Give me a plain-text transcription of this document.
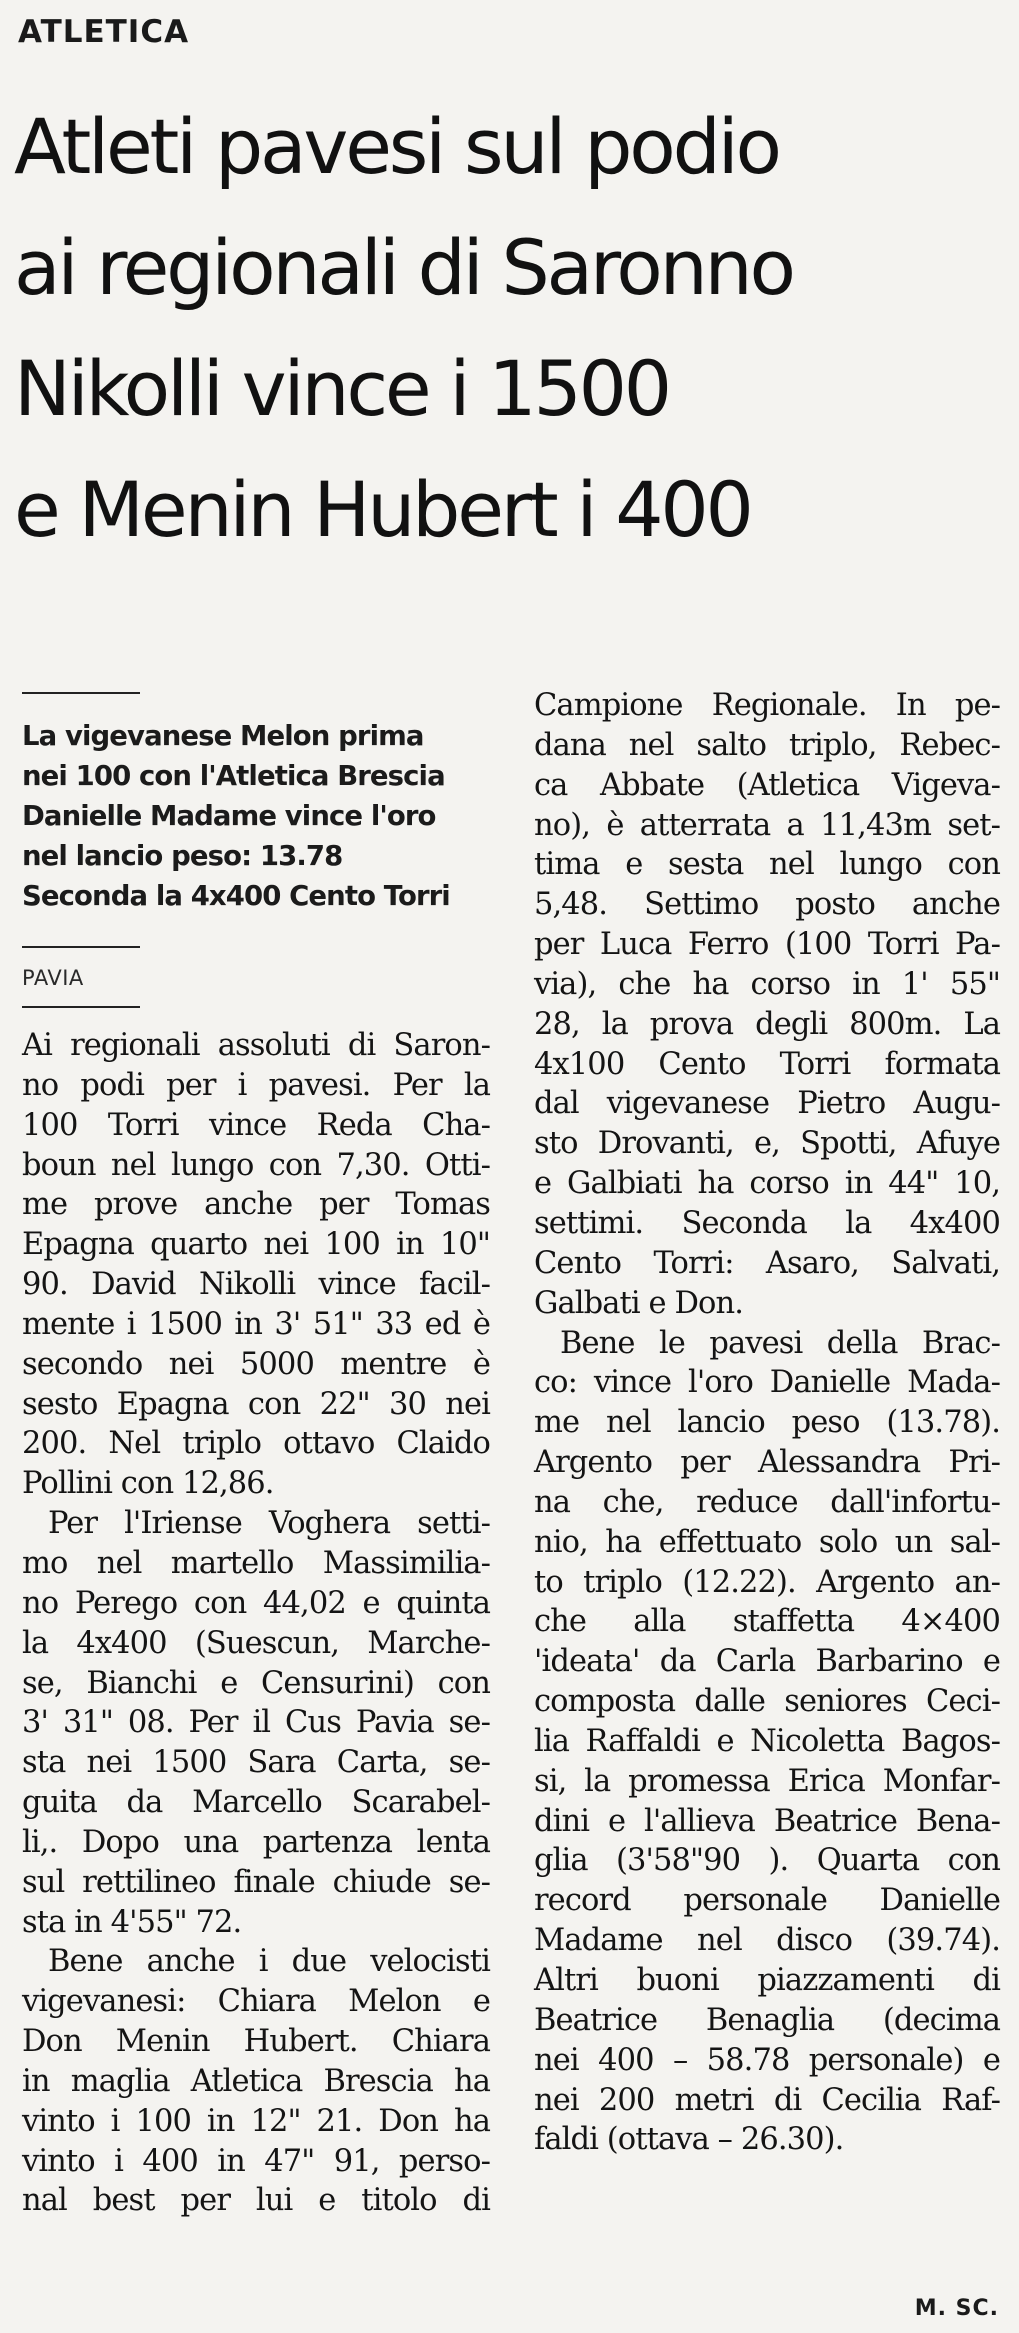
ATLETICA
Atleti pavesi sul podio
ai regionali di Saronno
Nikolli vince i 1500
e Menin Hubert i 400
La vigevanese Melon prima
nei 100 con l'Atletica Brescia
Danielle Madame vince l'oro
nel lancio peso: 13.78
Seconda la 4x400 Cento Torri
PAVIA
Ai regionali assoluti di Saron-
no podi per i pavesi. Per la
100 Torri vince Reda Cha-
boun nel lungo con 7,30. Otti-
me prove anche per Tomas
Epagna quarto nei 100 in 10"
90. David Nikolli vince facil-
mente i 1500 in 3' 51" 33 ed è
secondo nei 5000 mentre è
sesto Epagna con 22" 30 nei
200. Nel triplo ottavo Claido
Pollini con 12,86.
Per l'Iriense Voghera setti-
mo nel martello Massimilia-
no Perego con 44,02 e quinta
la 4x400 (Suescun, Marche-
se, Bianchi e Censurini) con
3' 31" 08. Per il Cus Pavia se-
sta nei 1500 Sara Carta, se-
guita da Marcello Scarabel-
li,. Dopo una partenza lenta
sul rettilineo finale chiude se-
sta in 4'55" 72.
Bene anche i due velocisti
vigevanesi: Chiara Melon e
Don Menin Hubert. Chiara
in maglia Atletica Brescia ha
vinto i 100 in 12" 21. Don ha
vinto i 400 in 47" 91, perso-
nal best per lui e titolo di
Campione Regionale. In pe-
dana nel salto triplo, Rebec-
ca Abbate (Atletica Vigeva-
no), è atterrata a 11,43m set-
tima e sesta nel lungo con
5,48. Settimo posto anche
per Luca Ferro (100 Torri Pa-
via), che ha corso in 1' 55"
28, la prova degli 800m. La
4x100 Cento Torri formata
dal vigevanese Pietro Augu-
sto Drovanti, e, Spotti, Afuye
e Galbiati ha corso in 44" 10,
settimi. Seconda la 4x400
Cento Torri: Asaro, Salvati,
Galbati e Don.
Bene le pavesi della Brac-
co: vince l'oro Danielle Mada-
me nel lancio peso (13.78).
Argento per Alessandra Pri-
na che, reduce dall'infortu-
nio, ha effettuato solo un sal-
to triplo (12.22). Argento an-
che alla staffetta 4×400
'ideata' da Carla Barbarino e
composta dalle seniores Ceci-
lia Raffaldi e Nicoletta Bagos-
si, la promessa Erica Monfar-
dini e l'allieva Beatrice Bena-
glia (3'58"90 ). Quarta con
record personale Danielle
Madame nel disco (39.74).
Altri buoni piazzamenti di
Beatrice Benaglia (decima
nei 400 – 58.78 personale) e
nei 200 metri di Cecilia Raf-
faldi (ottava – 26.30).
M. SC.
